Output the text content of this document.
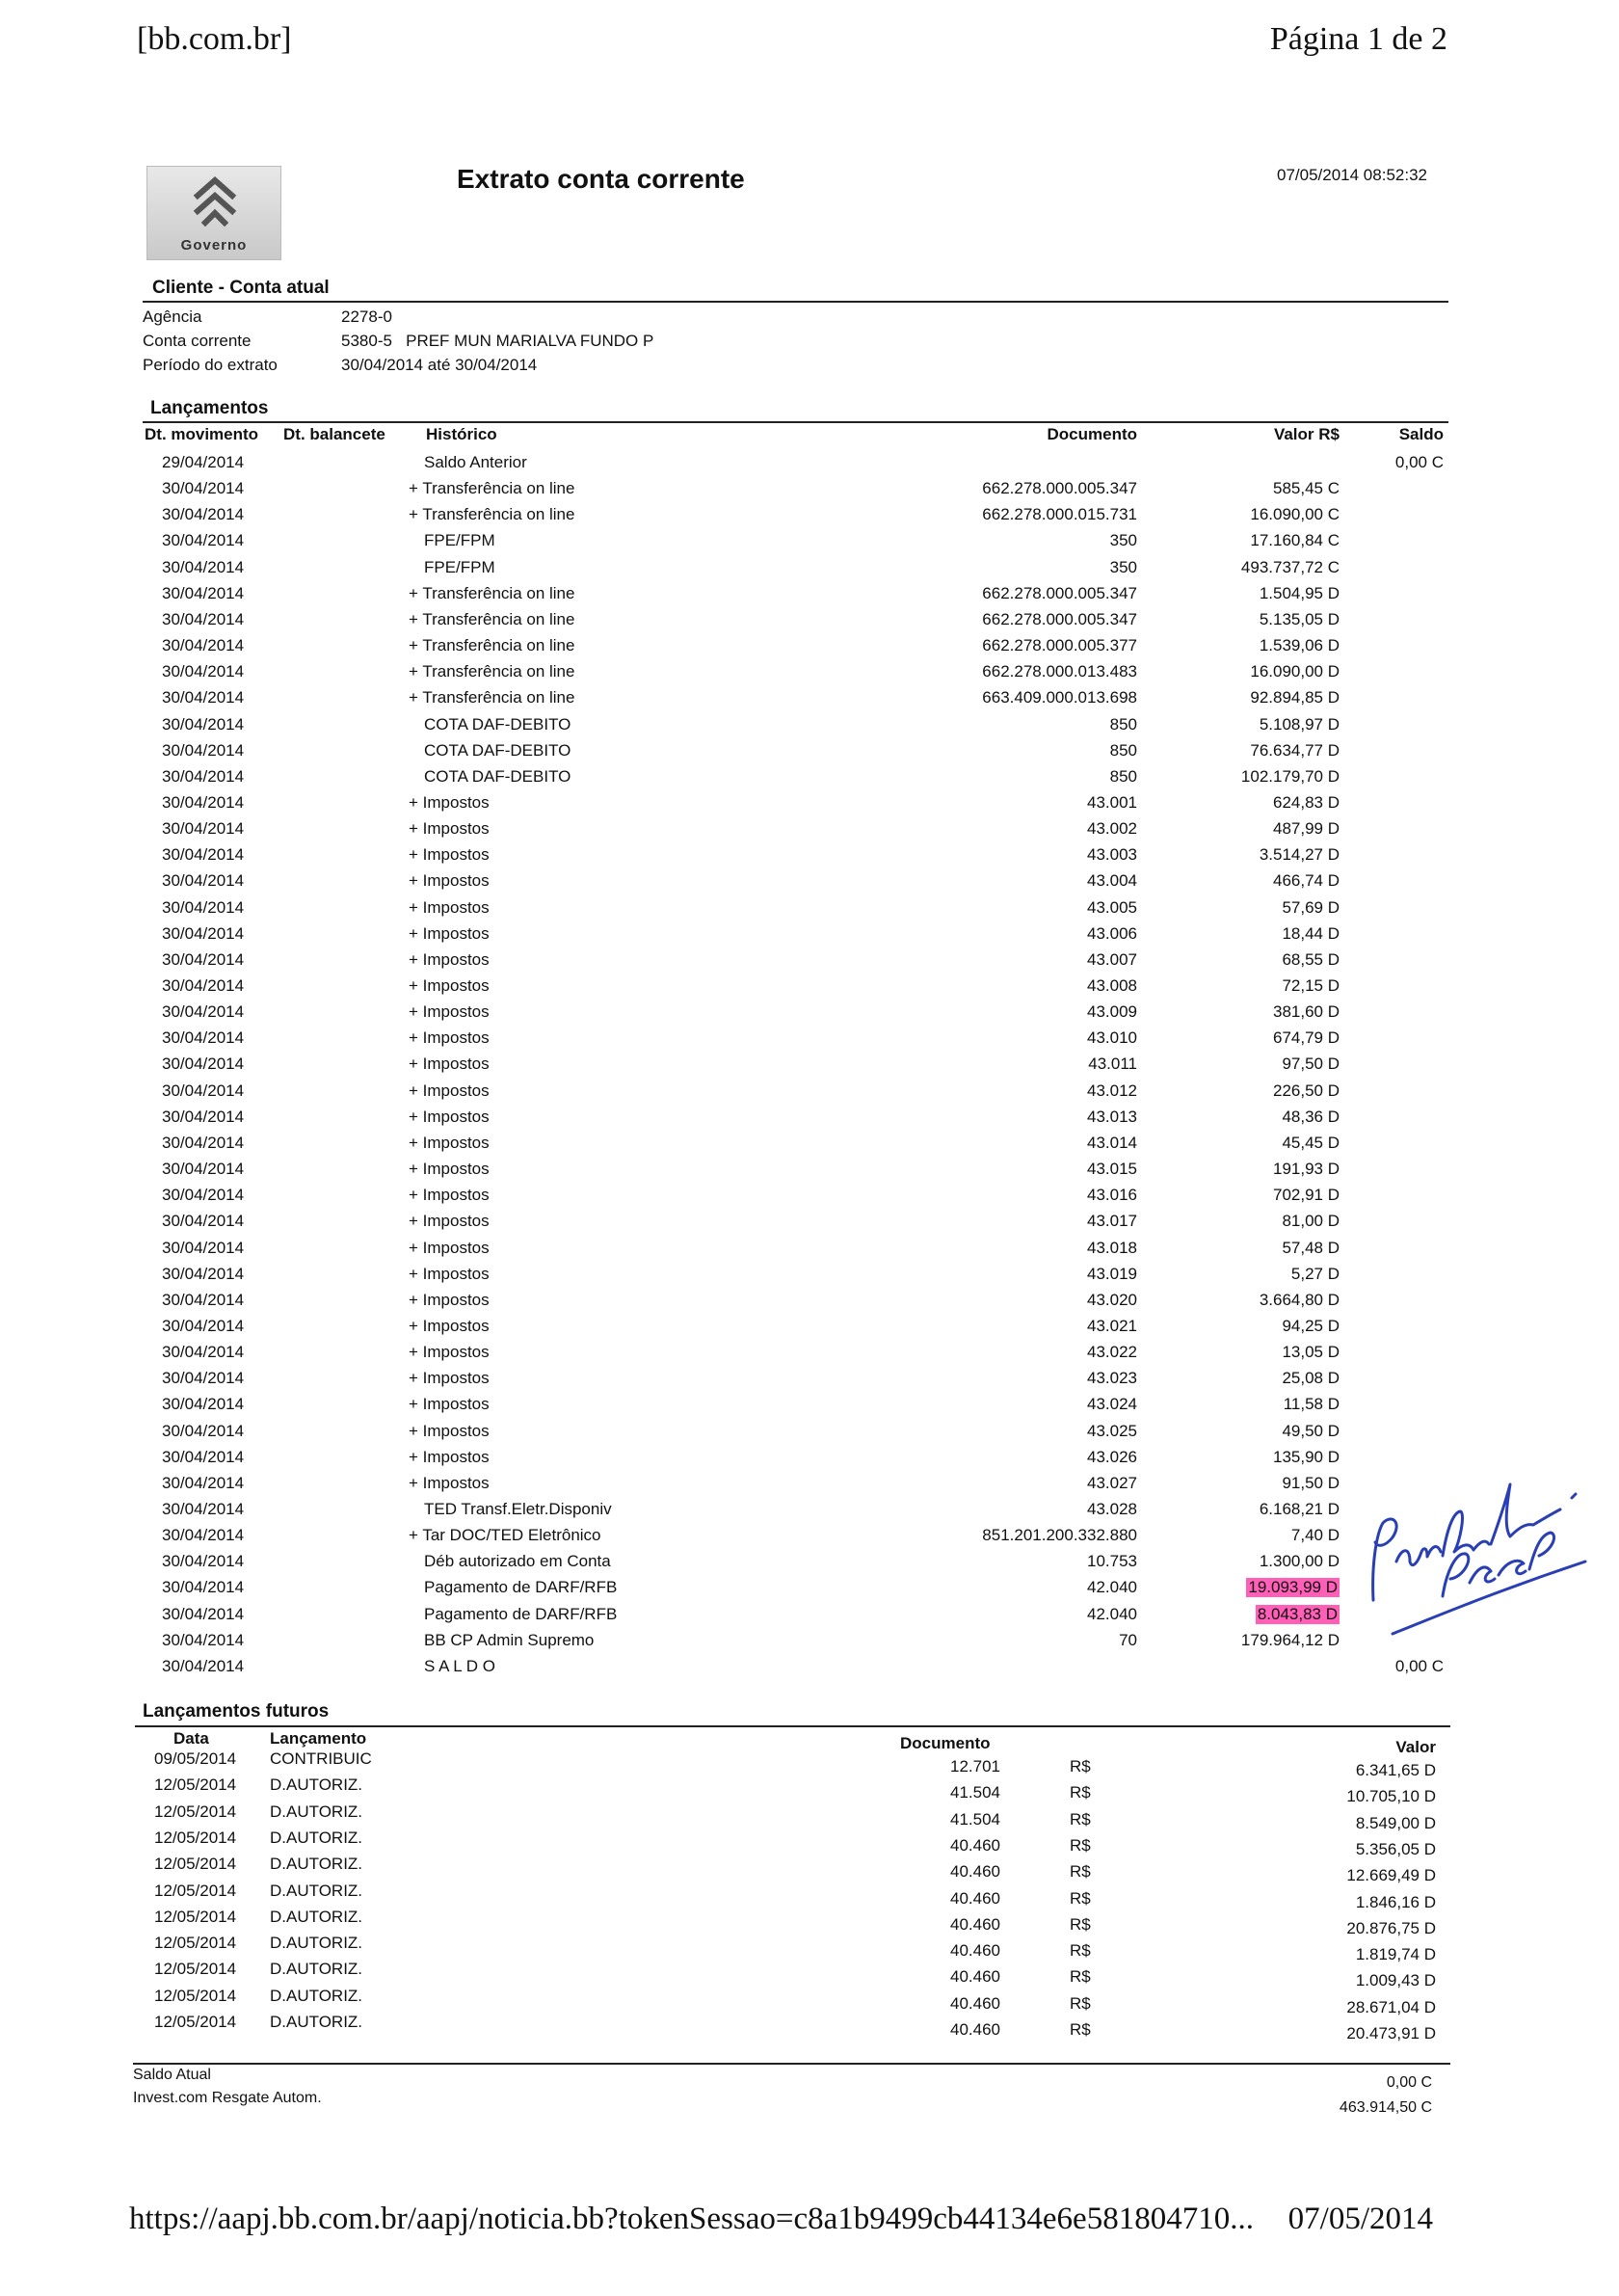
[bb.com.br]	Página 1 de 2
Governo
Extrato conta corrente	07/05/2014 08:52:32
Cliente - Conta atual
Agência	2278-0
Conta corrente	5380-5   PREF MUN MARIALVA FUNDO P
Período do extrato	30/04/2014 até 30/04/2014
Lançamentos
Dt. movimento Dt. balancete Histórico	Documento	Valor R$	Saldo
29/04/2014	Saldo Anterior	0,00 C
30/04/2014	+ Transferência on line	662.278.000.005.347	585,45 C
30/04/2014	+ Transferência on line	662.278.000.015.731	16.090,00 C
30/04/2014	FPE/FPM	350	17.160,84 C
30/04/2014	FPE/FPM	350	493.737,72 C
30/04/2014	+ Transferência on line	662.278.000.005.347	1.504,95 D
30/04/2014	+ Transferência on line	662.278.000.005.347	5.135,05 D
30/04/2014	+ Transferência on line	662.278.000.005.377	1.539,06 D
30/04/2014	+ Transferência on line	662.278.000.013.483	16.090,00 D
30/04/2014	+ Transferência on line	663.409.000.013.698	92.894,85 D
30/04/2014	COTA DAF-DEBITO	850	5.108,97 D
30/04/2014	COTA DAF-DEBITO	850	76.634,77 D
30/04/2014	COTA DAF-DEBITO	850	102.179,70 D
30/04/2014	+ Impostos	43.001	624,83 D
30/04/2014	+ Impostos	43.002	487,99 D
30/04/2014	+ Impostos	43.003	3.514,27 D
30/04/2014	+ Impostos	43.004	466,74 D
30/04/2014	+ Impostos	43.005	57,69 D
30/04/2014	+ Impostos	43.006	18,44 D
30/04/2014	+ Impostos	43.007	68,55 D
30/04/2014	+ Impostos	43.008	72,15 D
30/04/2014	+ Impostos	43.009	381,60 D
30/04/2014	+ Impostos	43.010	674,79 D
30/04/2014	+ Impostos	43.011	97,50 D
30/04/2014	+ Impostos	43.012	226,50 D
30/04/2014	+ Impostos	43.013	48,36 D
30/04/2014	+ Impostos	43.014	45,45 D
30/04/2014	+ Impostos	43.015	191,93 D
30/04/2014	+ Impostos	43.016	702,91 D
30/04/2014	+ Impostos	43.017	81,00 D
30/04/2014	+ Impostos	43.018	57,48 D
30/04/2014	+ Impostos	43.019	5,27 D
30/04/2014	+ Impostos	43.020	3.664,80 D
30/04/2014	+ Impostos	43.021	94,25 D
30/04/2014	+ Impostos	43.022	13,05 D
30/04/2014	+ Impostos	43.023	25,08 D
30/04/2014	+ Impostos	43.024	11,58 D
30/04/2014	+ Impostos	43.025	49,50 D
30/04/2014	+ Impostos	43.026	135,90 D
30/04/2014	+ Impostos	43.027	91,50 D
30/04/2014	TED Transf.Eletr.Disponiv	43.028	6.168,21 D
30/04/2014	+ Tar DOC/TED Eletrônico	851.201.200.332.880	7,40 D
30/04/2014	Déb autorizado em Conta	10.753	1.300,00 D
30/04/2014	Pagamento de DARF/RFB	42.040	19.093,99 D
30/04/2014	Pagamento de DARF/RFB	42.040	8.043,83 D
30/04/2014	BB CP Admin Supremo	70	179.964,12 D
30/04/2014	S A L D O	0,00 C
Lançamentos futuros
Data	Lançamento	Documento	Valor
09/05/2014 CONTRIBUIC	12.701	R$	6.341,65 D
12/05/2014 D.AUTORIZ.	41.504	R$	10.705,10 D
12/05/2014 D.AUTORIZ.	41.504	R$	8.549,00 D
12/05/2014 D.AUTORIZ.	40.460	R$	5.356,05 D
12/05/2014 D.AUTORIZ.	40.460	R$	12.669,49 D
12/05/2014 D.AUTORIZ.	40.460	R$	1.846,16 D
12/05/2014 D.AUTORIZ.	40.460	R$	20.876,75 D
12/05/2014 D.AUTORIZ.	40.460	R$	1.819,74 D
12/05/2014 D.AUTORIZ.	40.460	R$	1.009,43 D
12/05/2014 D.AUTORIZ.	40.460	R$	28.671,04 D
12/05/2014 D.AUTORIZ.	40.460	R$	20.473,91 D
Saldo Atual
Invest.com Resgate Autom.
0,00 C
463.914,50 C
https://aapj.bb.com.br/aapj/noticia.bb?tokenSessao=c8a1b9499cb44134e6e581804710... 07/05/2014
